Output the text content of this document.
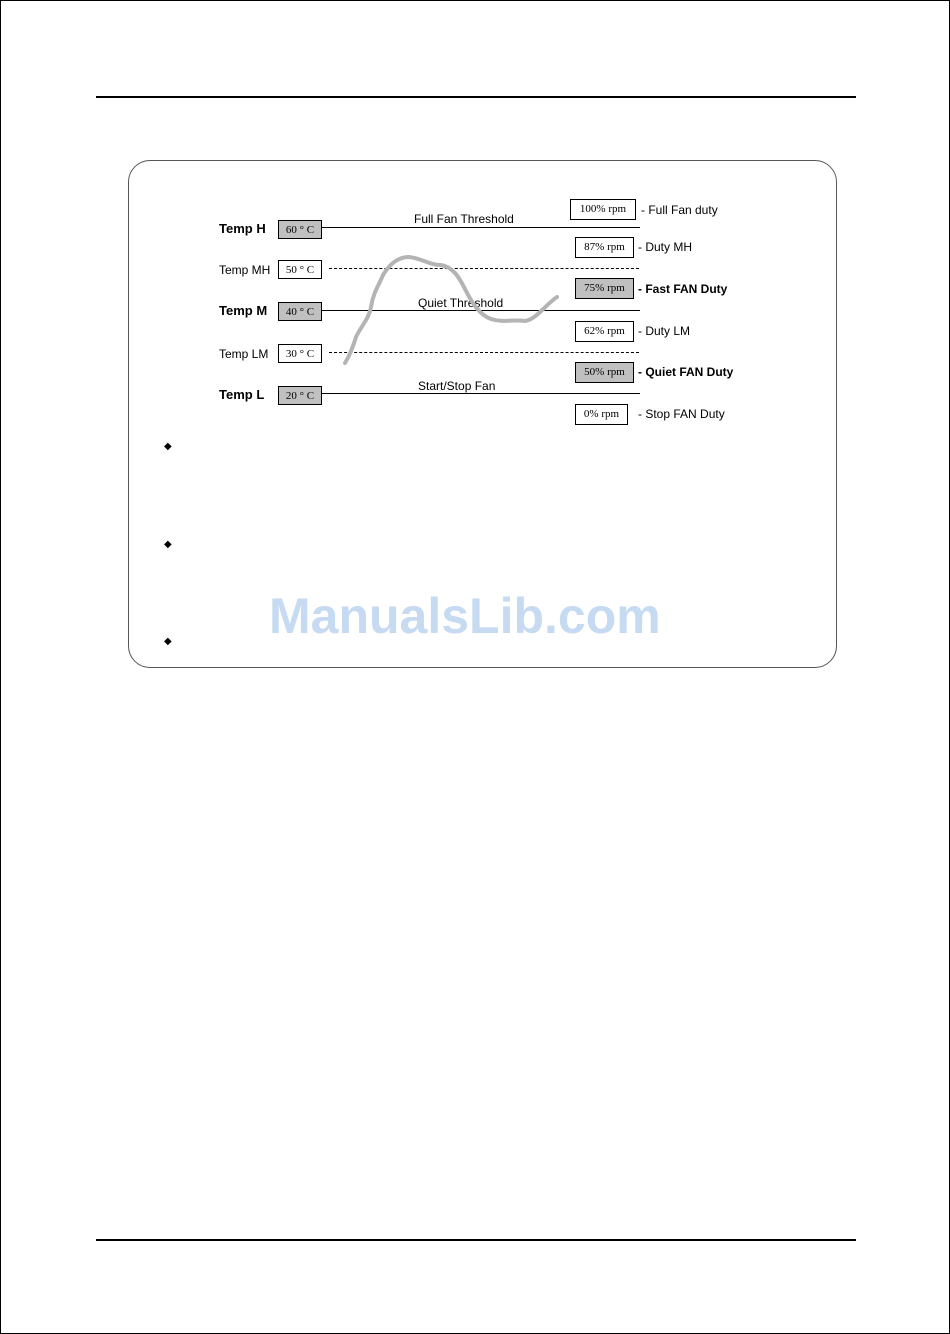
Temp H	60 ° C
Full Fan Threshold
Temp MH	50 ° C
Temp M	40 ° C
Quiet Threshold
Temp LM	30 ° C
Temp L	20 ° C
Start/Stop Fan
100% rpm	- Full Fan duty
87% rpm	- Duty MH
75% rpm	- Fast FAN Duty
62% rpm	- Duty LM
50% rpm	- Quiet FAN Duty
0% rpm	- Stop FAN Duty
◆
◆
◆ ManualsLib.com
